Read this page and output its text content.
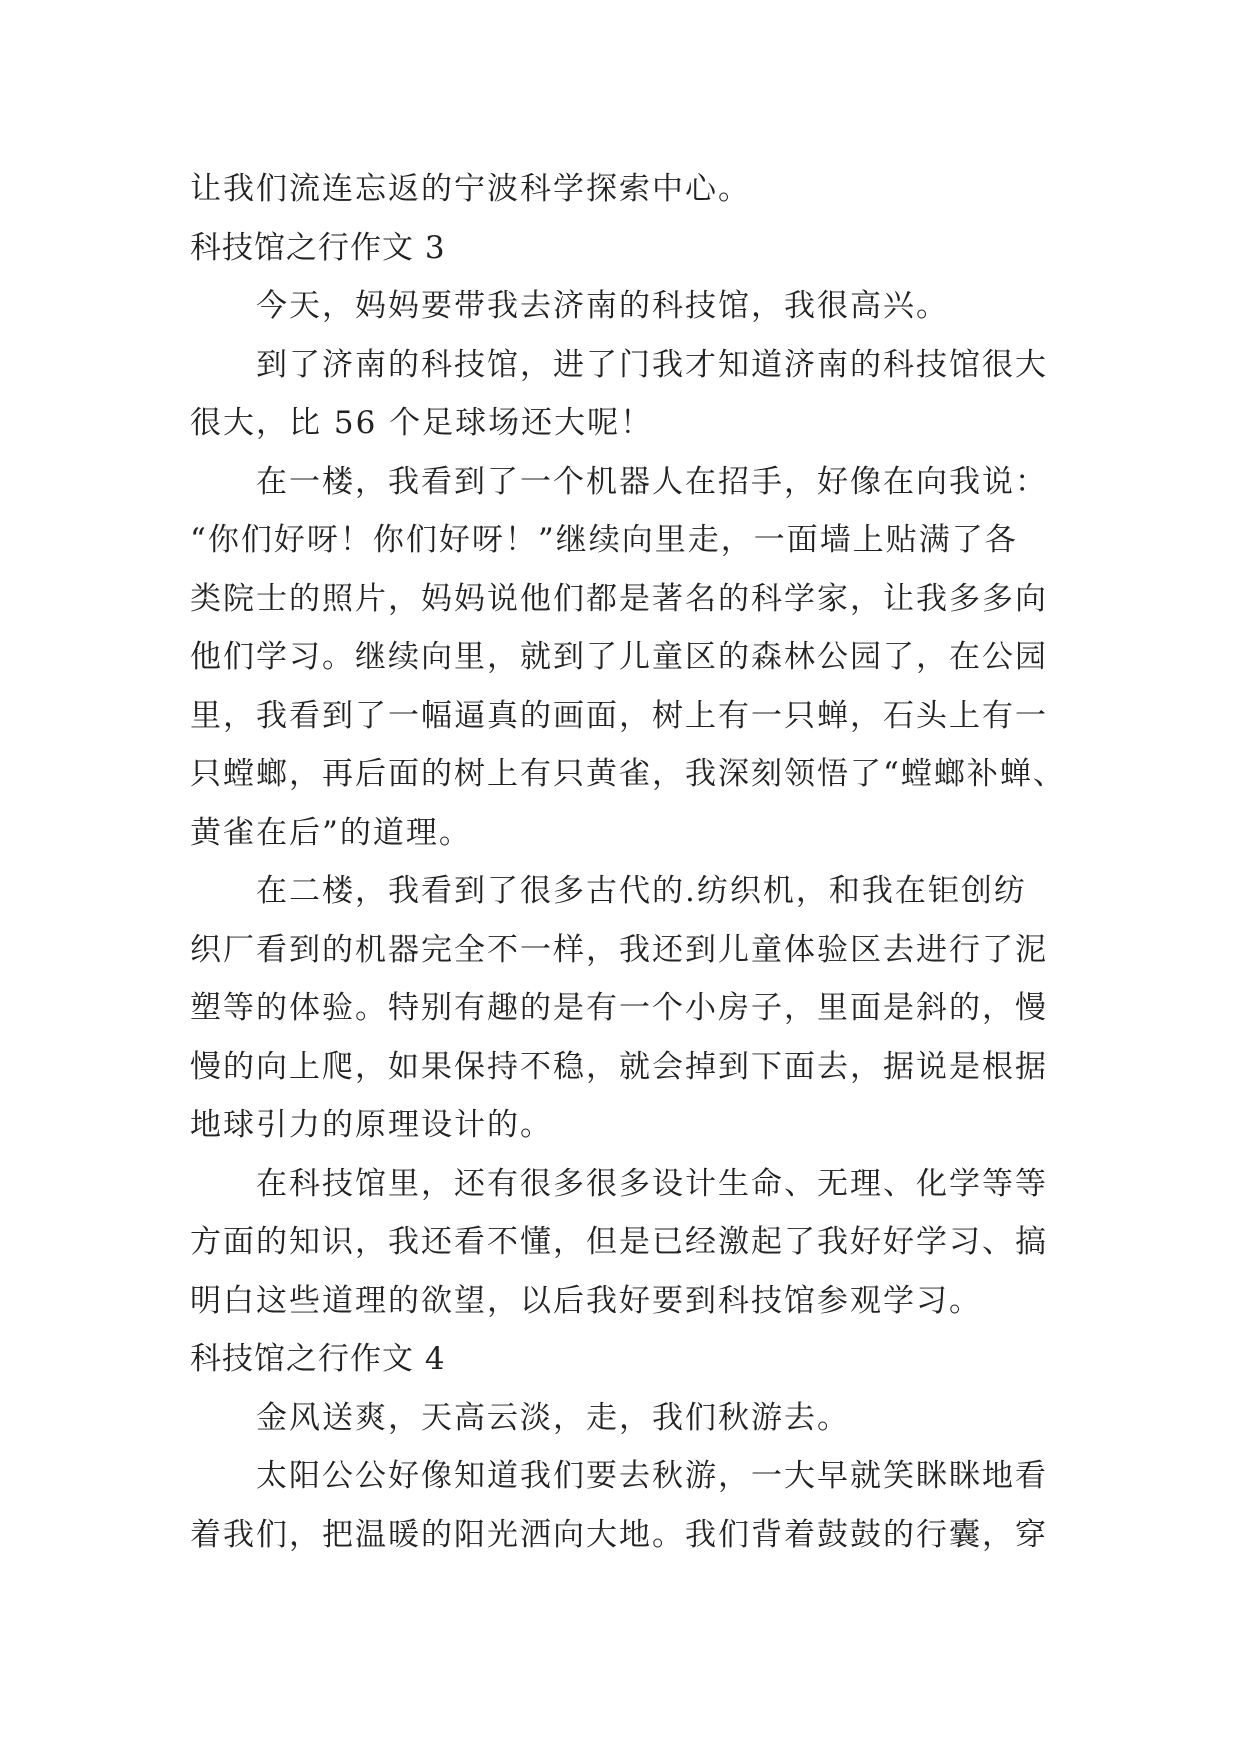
让我们流连忘返的宁波科学探索中心。
科技馆之行作文 3
今天，妈妈要带我去济南的科技馆，我很高兴。
到了济南的科技馆，进了门我才知道济南的科技馆很大
很大，比 56 个足球场还大呢！
在一楼，我看到了一个机器人在招手，好像在向我说：
“你们好呀！你们好呀！”继续向里走，一面墙上贴满了各
类院士的照片，妈妈说他们都是著名的科学家，让我多多向
他们学习。继续向里，就到了儿童区的森林公园了，在公园
里，我看到了一幅逼真的画面，树上有一只蝉，石头上有一
只螳螂，再后面的树上有只黄雀，我深刻领悟了“螳螂补蝉、
黄雀在后”的道理。
在二楼，我看到了很多古代的.纺织机，和我在钜创纺
织厂看到的机器完全不一样，我还到儿童体验区去进行了泥
塑等的体验。特别有趣的是有一个小房子，里面是斜的，慢
慢的向上爬，如果保持不稳，就会掉到下面去，据说是根据
地球引力的原理设计的。
在科技馆里，还有很多很多设计生命、无理、化学等等
方面的知识，我还看不懂，但是已经激起了我好好学习、搞
明白这些道理的欲望，以后我好要到科技馆参观学习。
科技馆之行作文 4
金风送爽，天高云淡，走，我们秋游去。
太阳公公好像知道我们要去秋游，一大早就笑眯眯地看
着我们，把温暖的阳光洒向大地。我们背着鼓鼓的行囊，穿
